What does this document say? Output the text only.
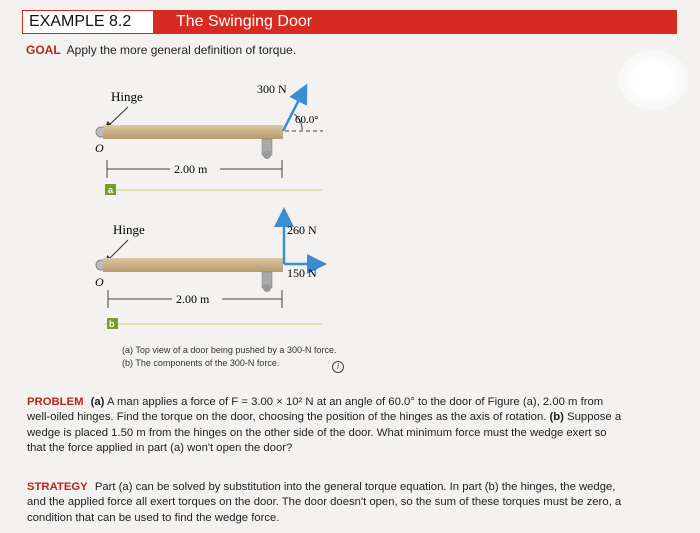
EXAMPLE 8.2	The Swinging Door
GOAL Apply the more general definition of torque.
Hinge
O
2.00 m
300 N
60.0°
a
Hinge
O
2.00 m
260 N
150 N
b
(a) Top view of a door being pushed by a 300-N force. (b) The components of the 300-N force.	i
PROBLEM (a) A man applies a force of F = 3.00 × 10² N at an angle of 60.0° to the door of Figure (a), 2.00 m from well-oiled hinges. Find the torque on the door, choosing the position of the hinges as the axis of rotation. (b) Suppose a wedge is placed 1.50 m from the hinges on the other side of the door. What minimum force must the wedge exert so that the force applied in part (a) won't open the door?
STRATEGY Part (a) can be solved by substitution into the general torque equation. In part (b) the hinges, the wedge, and the applied force all exert torques on the door. The door doesn't open, so the sum of these torques must be zero, a condition that can be used to find the wedge force.
